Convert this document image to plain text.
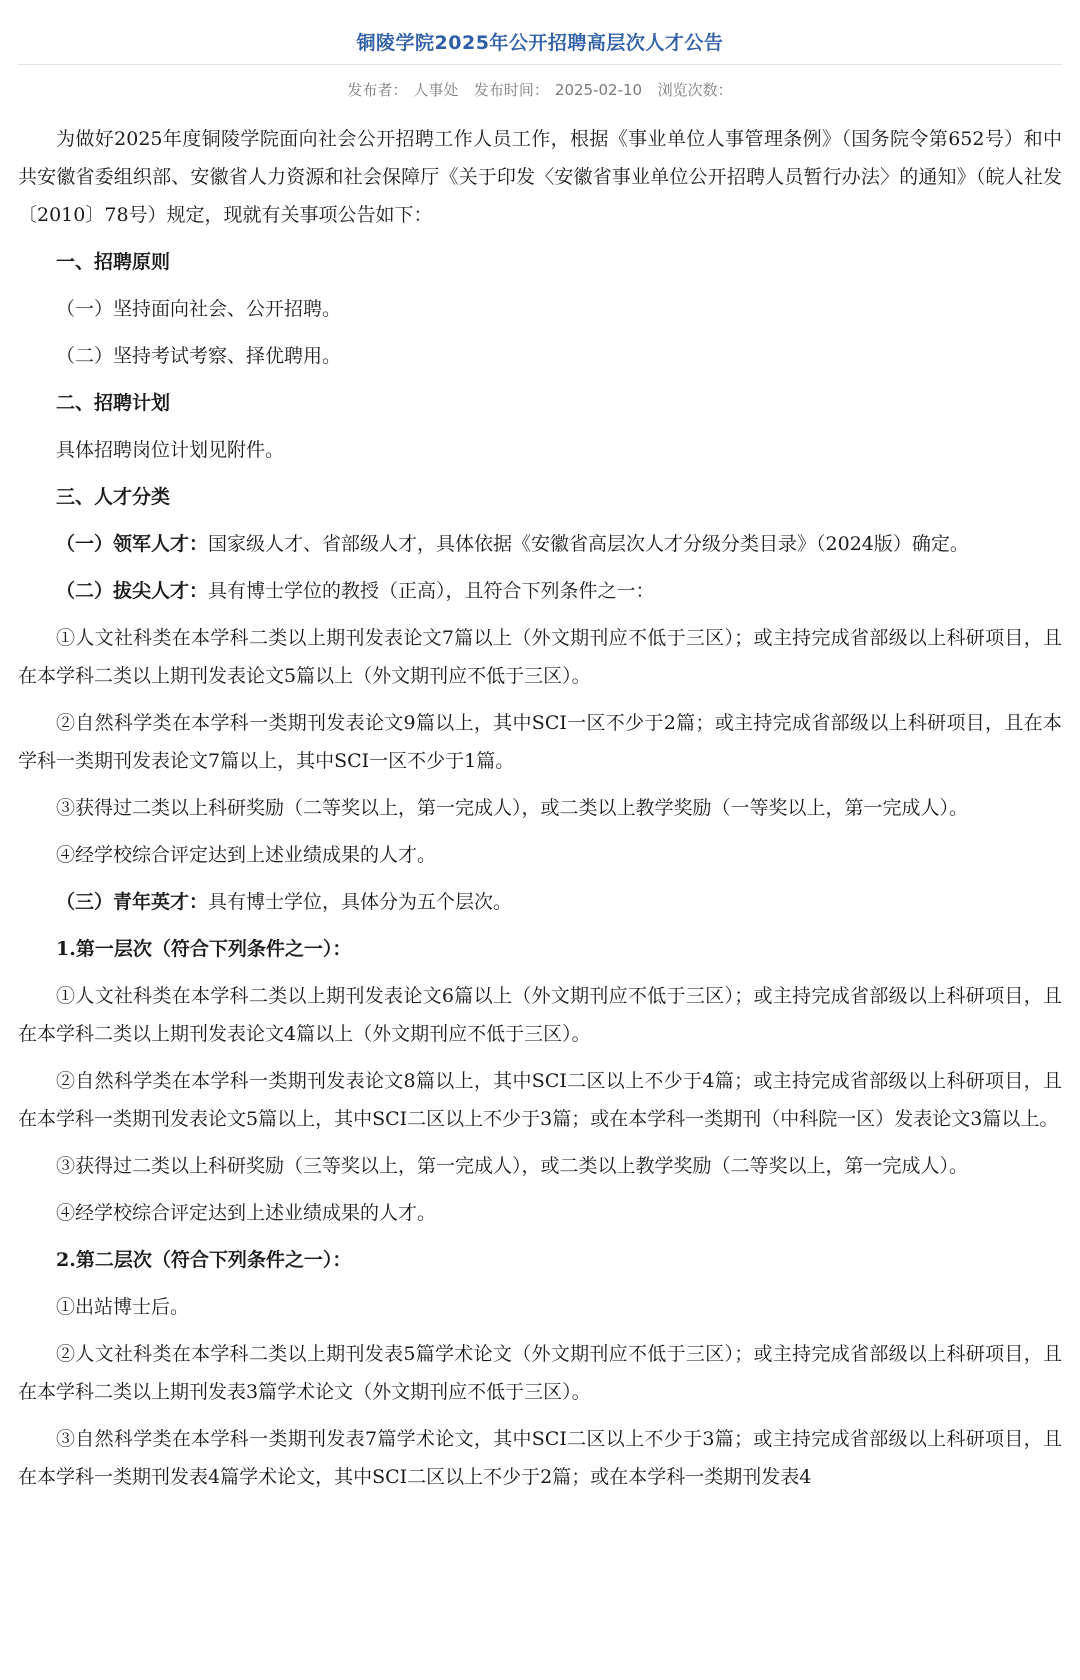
铜陵学院2025年公开招聘高层次人才公告
发布者： 人事处 发布时间： 2025-02-10 浏览次数：

为做好2025年度铜陵学院面向社会公开招聘工作人员工作，根据《事业单位人事管理条例》（国务院令第652号）和中共安徽省委组织部、安徽省人力资源和社会保障厅《关于印发〈安徽省事业单位公开招聘人员暂行办法〉的通知》（皖人社发〔2010〕78号）规定，现就有关事项公告如下：

一、招聘原则

（一）坚持面向社会、公开招聘。

（二）坚持考试考察、择优聘用。

二、招聘计划

具体招聘岗位计划见附件。

三、人才分类

（一）领军人才：国家级人才、省部级人才，具体依据《安徽省高层次人才分级分类目录》（2024版）确定。

（二）拔尖人才：具有博士学位的教授（正高），且符合下列条件之一：

①人文社科类在本学科二类以上期刊发表论文7篇以上（外文期刊应不低于三区）；或主持完成省部级以上科研项目，且在本学科二类以上期刊发表论文5篇以上（外文期刊应不低于三区）。

②自然科学类在本学科一类期刊发表论文9篇以上，其中SCI一区不少于2篇；或主持完成省部级以上科研项目，且在本学科一类期刊发表论文7篇以上，其中SCI一区不少于1篇。

③获得过二类以上科研奖励（二等奖以上，第一完成人），或二类以上教学奖励（一等奖以上，第一完成人）。

④经学校综合评定达到上述业绩成果的人才。

（三）青年英才：具有博士学位，具体分为五个层次。

1.第一层次（符合下列条件之一）：

①人文社科类在本学科二类以上期刊发表论文6篇以上（外文期刊应不低于三区）；或主持完成省部级以上科研项目，且在本学科二类以上期刊发表论文4篇以上（外文期刊应不低于三区）。

②自然科学类在本学科一类期刊发表论文8篇以上，其中SCI二区以上不少于4篇；或主持完成省部级以上科研项目，且在本学科一类期刊发表论文5篇以上，其中SCI二区以上不少于3篇；或在本学科一类期刊（中科院一区）发表论文3篇以上。

③获得过二类以上科研奖励（三等奖以上，第一完成人），或二类以上教学奖励（二等奖以上，第一完成人）。

④经学校综合评定达到上述业绩成果的人才。

2.第二层次（符合下列条件之一）：

①出站博士后。

②人文社科类在本学科二类以上期刊发表5篇学术论文（外文期刊应不低于三区）；或主持完成省部级以上科研项目，且在本学科二类以上期刊发表3篇学术论文（外文期刊应不低于三区）。

③自然科学类在本学科一类期刊发表7篇学术论文，其中SCI二区以上不少于3篇；或主持完成省部级以上科研项目，且在本学科一类期刊发表4篇学术论文，其中SCI二区以上不少于2篇；或在本学科一类期刊发表4
